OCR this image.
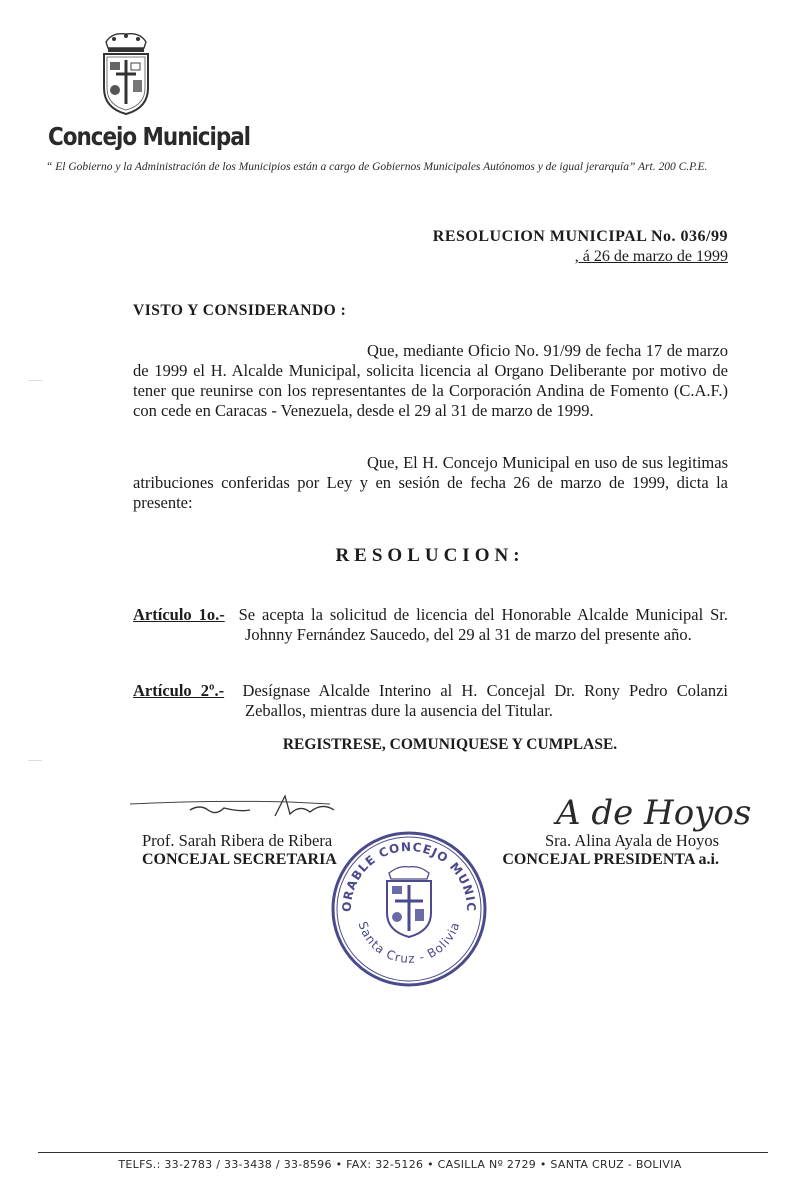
Concejo Municipal
“ El Gobierno y la Administración de los Municipios están a cargo de Gobiernos Municipales Autónomos y de igual jerarquía” Art. 200 C.P.E.
RESOLUCION MUNICIPAL No. 036/99
, á 26 de marzo de 1999
VISTO Y CONSIDERANDO :

Que, mediante Oficio No. 91/99 de fecha 17 de marzo de 1999 el H. Alcalde Municipal, solicita licencia al Organo Deliberante por motivo de tener que reunirse con los representantes de la Corporación Andina de Fomento (C.A.F.) con cede en Caracas - Venezuela, desde el 29 al 31 de marzo de 1999.

Que, El H. Concejo Municipal en uso de sus legitimas atribuciones conferidas por Ley y en sesión de fecha 26 de marzo de 1999, dicta la presente:

RESOLUCION:
Artículo 1o.- Se acepta la solicitud de licencia del Honorable Alcalde Municipal Sr. Johnny Fernández Saucedo, del 29 al 31 de marzo del presente año.
Artículo 2º.- Desígnase Alcalde Interino al H. Concejal Dr. Rony Pedro Colanzi Zeballos, mientras dure la ausencia del Titular.
REGISTRESE, COMUNIQUESE Y CUMPLASE.
A de Hoyos
Prof. Sarah Ribera de Ribera
CONCEJAL SECRETARIA
Sra. Alina Ayala de Hoyos
CONCEJAL PRESIDENTA a.i.
ORABLE CONCEJO MUNIC
Santa Cruz - Bolivia
TELFS.: 33-2783 / 33-3438 / 33-8596 • FAX: 32-5126 • CASILLA Nº 2729 • SANTA CRUZ - BOLIVIA
